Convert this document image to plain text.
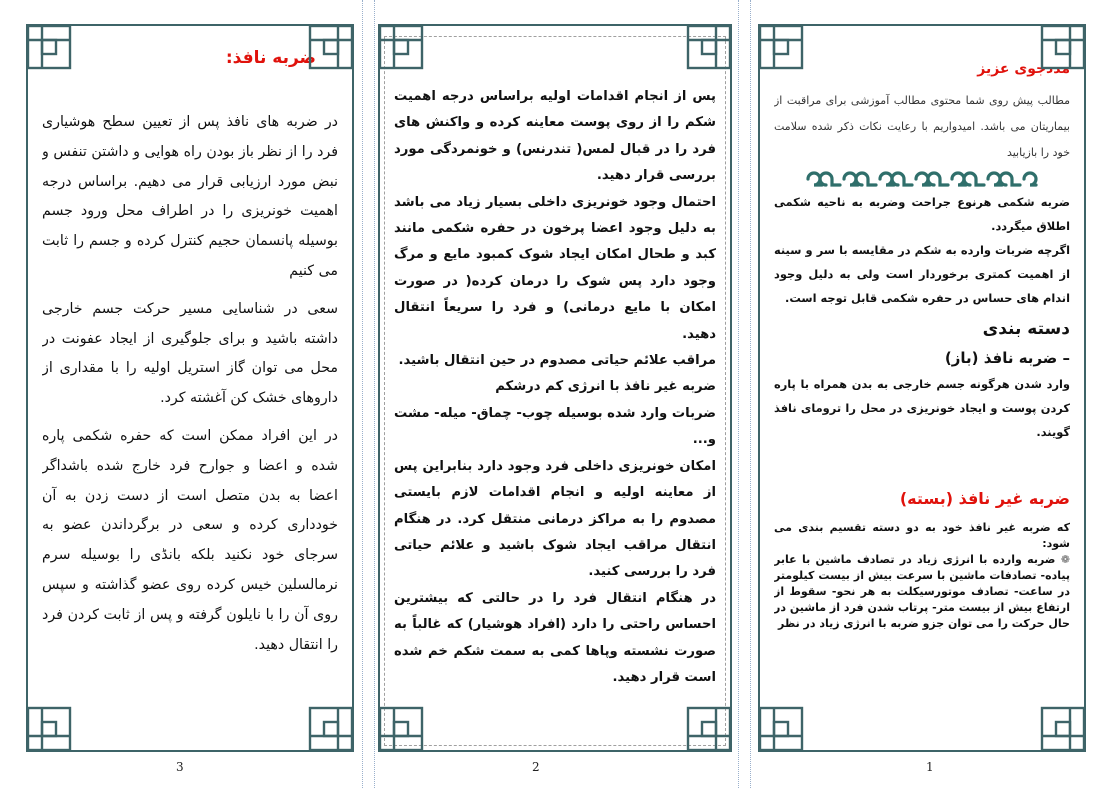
ضربه نافذ:

در ضربه های نافذ پس از تعیین سطح هوشیاری فرد را از نظر باز بودن راه هوایی و داشتن تنفس و نبض مورد ارزیابی قرار می دهیم. براساس درجه اهمیت خونریزی را در اطراف محل ورود جسم بوسیله پانسمان حجیم کنترل کرده و جسم را ثابت می کنیم

سعی در شناسایی مسیر حرکت جسم خارجی داشته باشید و برای جلوگیری از ایجاد عفونت در محل می توان گاز استریل اولیه را با مقداری از داروهای خشک کن آغشته کرد.

در این افراد ممکن است که حفره شکمی پاره شده و اعضا و جوارح فرد خارج شده باشداگر اعضا به بدن متصل است از دست زدن به آن خودداری کرده و سعی در برگرداندن عضو به سرجای خود نکنید بلکه بانڈی را بوسیله سرم نرمالسلین خیس کرده روی عضو گذاشته و سپس روی آن را با نایلون گرفته و پس از ثابت کردن فرد را انتقال دهید.

3

پس از انجام اقدامات اولیه براساس درجه اهمیت شکم را از روی پوست معاینه کرده و واکنش های فرد را در قبال لمس( تندرنس) و خونمردگی مورد بررسی قرار دهید.

احتمال وجود خونریزی داخلی بسیار زیاد می باشد به دلیل وجود اعضا پرخون در حفره شکمی مانند کبد و طحال امکان ایجاد شوک کمبود مایع و مرگ وجود دارد پس شوک را درمان کرده( در صورت امکان با مایع درمانی) و فرد را سریعاً انتقال دهید.

مراقب علائم حیاتی مصدوم در حین انتقال باشید.

ضربه غیر نافذ با انرژی کم درشکم

ضربات وارد شده بوسیله چوب- چماق- میله- مشت و...

امکان خونریزی داخلی فرد وجود دارد بنابراین پس از معاینه اولیه و انجام اقدامات لازم بایستی مصدوم را به مراکز درمانی منتقل کرد. در هنگام انتقال مراقب ایجاد شوک باشید و علائم حیاتی فرد را بررسی کنید.

در هنگام انتقال فرد را در حالتی که بیشترین احساس راحتی را دارد (افراد هوشیار) که غالباً به صورت نشسته وپاها کمی به سمت شکم خم شده است قرار دهید.

2
مددجوی عزیز

مطالب پیش روی شما محتوی مطالب آموزشی برای مراقبت از بیماریتان می باشد. امیدواریم با رعایت نکات ذکر شده سلامت خود را بازیابید

ضربه شکمی هرنوع جراحت وضربه به ناحیه شکمی اطلاق میگردد.

اگرچه ضربات وارده به شکم در مقایسه با سر و سینه از اهمیت کمتری برخوردار است ولی به دلیل وجود اندام های حساس در حفره شکمی قابل توجه است.

دسته بندی
– ضربه نافذ (باز)

وارد شدن هرگونه جسم خارجی به بدن همراه با پاره کردن پوست و ایجاد خونریزی در محل را ترومای نافذ گویند.

ضربه غیر نافذ (بسته)

که ضربه غیر نافذ خود به دو دسته تقسیم بندی می شود:

❁ ضربه وارده با انرژی زیاد در تصادف ماشین با عابر پیاده- تصادفات ماشین با سرعت بیش از بیست کیلومتر در ساعت- تصادف موتورسیکلت به هر نحو- سقوط از ارتفاع بیش از بیست متر- پرتاب شدن فرد از ماشین در حال حرکت را می توان جزو ضربه با انرژی زیاد در نظر

1
